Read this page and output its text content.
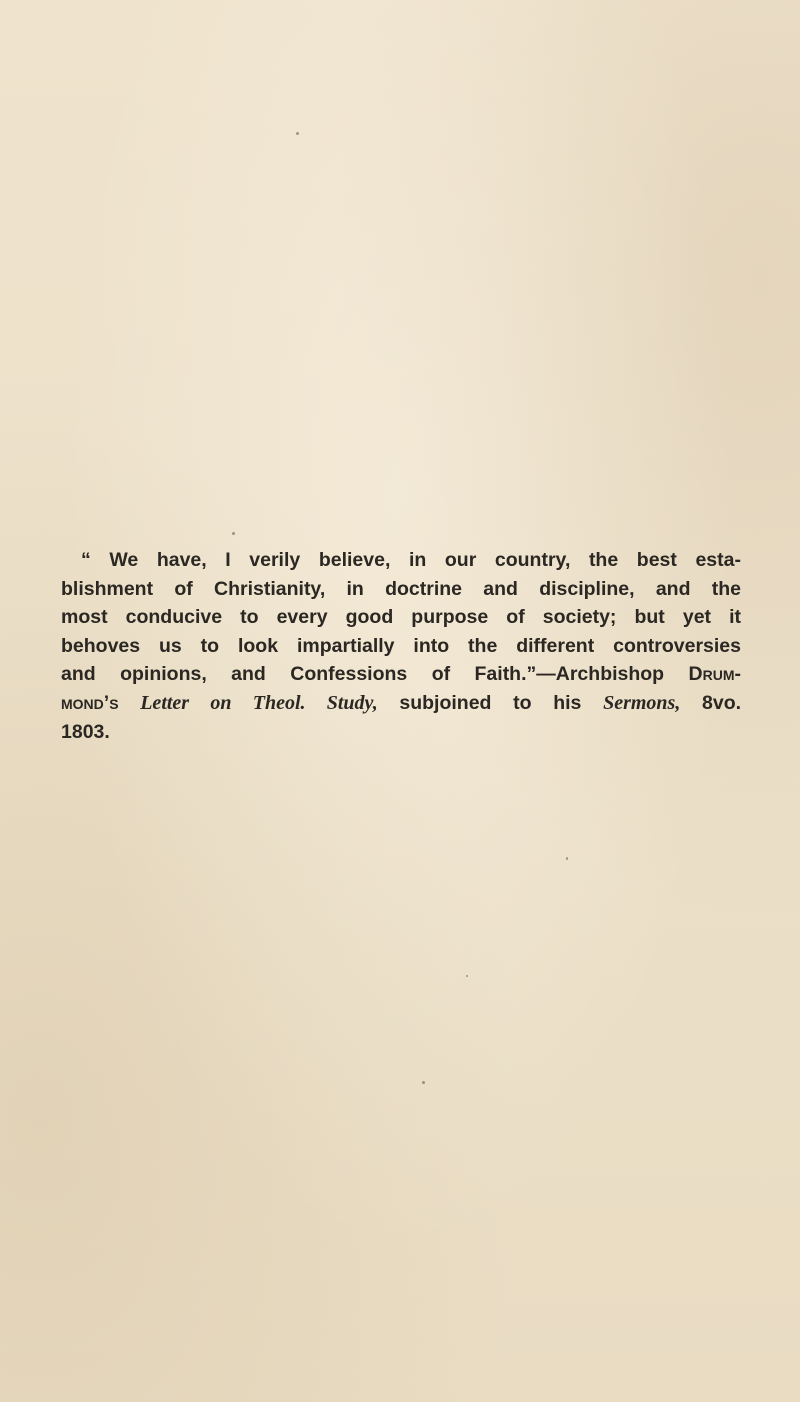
“ We have, I verily believe, in our country, the best esta-
blishment of Christianity, in doctrine and discipline, and the
most conducive to every good purpose of society; but yet it
behoves us to look impartially into the different controversies
and opinions, and Confessions of Faith.”—Archbishop Drum-
mond’s Letter on Theol. Study, subjoined to his Sermons, 8vo.
1803.
